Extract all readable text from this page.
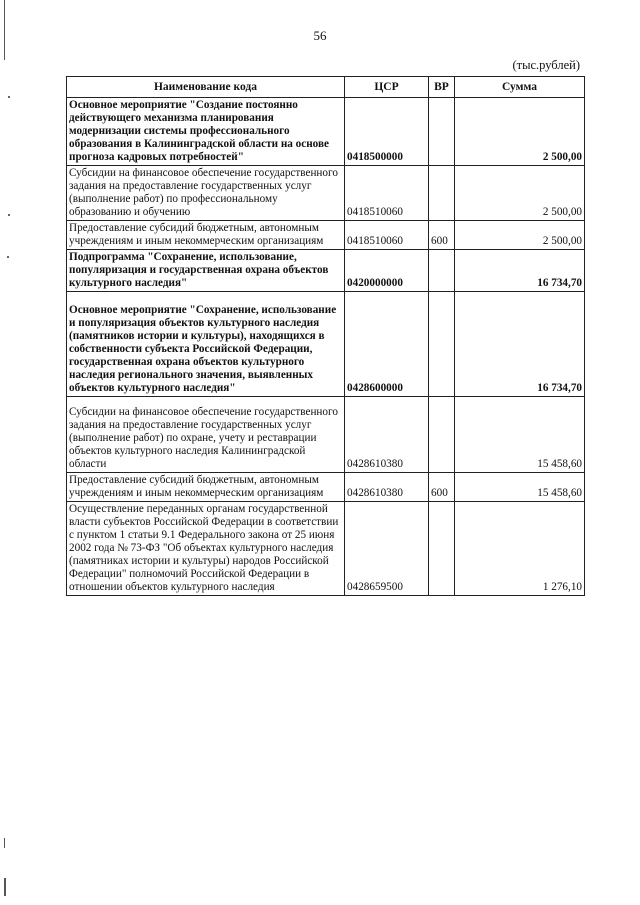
56
(тыс.рублей)
Наименование кода	ЦСР	ВР	Сумма
Основное мероприятие "Создание постоянно действующего механизма планирования модернизации системы профессионального образования в Калининградской области на основе прогноза кадровых потребностей"	0418500000		2 500,00
Субсидии на финансовое обеспечение государственного задания на предоставление государственных услуг (выполнение работ) по профессиональному образованию и обучению	0418510060		2 500,00
Предоставление субсидий бюджетным, автономным учреждениям и иным некоммерческим организациям	0418510060	600	2 500,00
Подпрограмма "Сохранение, использование, популяризация и государственная охрана объектов культурного наследия"	0420000000		16 734,70
Основное мероприятие "Сохранение, использование и популяризация объектов культурного наследия (памятников истории и культуры), находящихся в собственности субъекта Российской Федерации, государственная охрана объектов культурного наследия регионального значения, выявленных объектов культурного наследия"	0428600000		16 734,70
Субсидии на финансовое обеспечение государственного задания на предоставление государственных услуг (выполнение работ) по охране, учету и реставрации объектов культурного наследия Калининградской области	0428610380		15 458,60
Предоставление субсидий бюджетным, автономным учреждениям и иным некоммерческим организациям	0428610380	600	15 458,60
Осуществление переданных органам государственной власти субъектов Российской Федерации в соответствии с пунктом 1 статьи 9.1 Федерального закона от 25 июня 2002 года № 73-ФЗ "Об объектах культурного наследия (памятниках истории и культуры) народов Российской Федерации" полномочий Российской Федерации в отношении объектов культурного наследия	0428659500		1 276,10
